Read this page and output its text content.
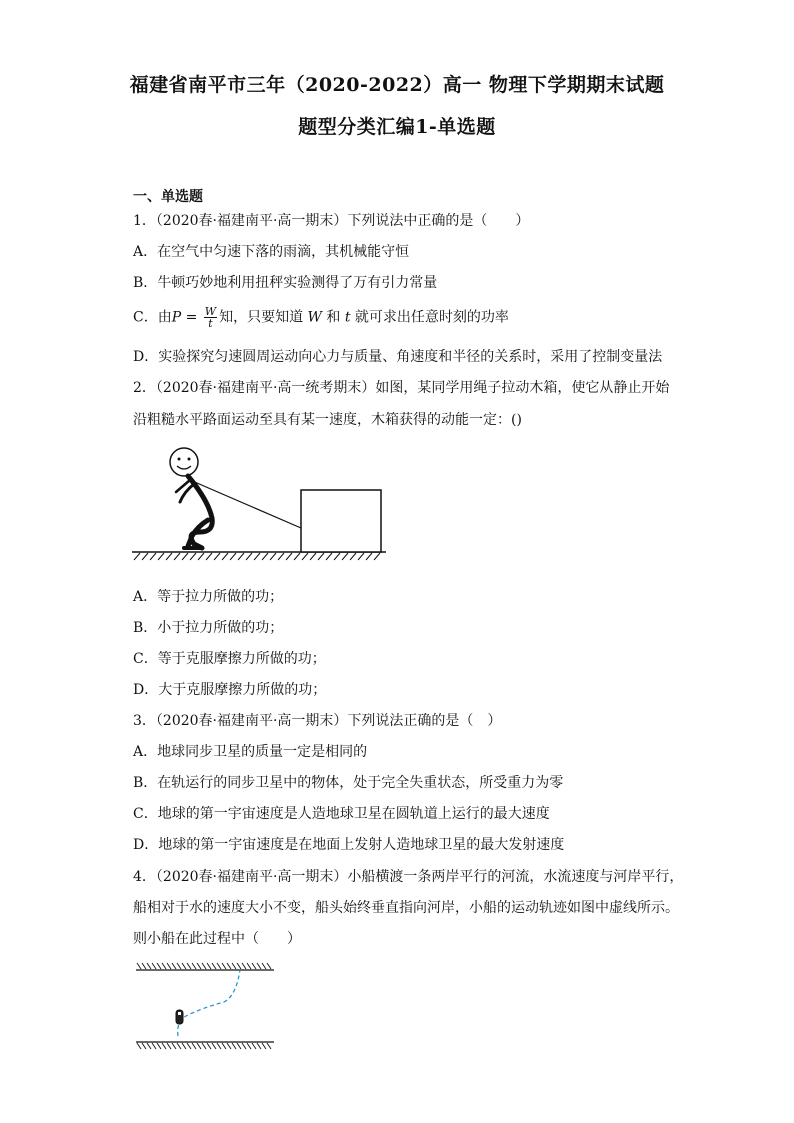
福建省南平市三年（2020-2022）高一 物理下学期期末试题
题型分类汇编1-单选题
一、单选题
1．（2020春·福建南平·高一期末）下列说法中正确的是（　　）
A．在空气中匀速下落的雨滴，其机械能守恒
B．牛顿巧妙地利用扭秤实验测得了万有引力常量
C．由$P = \frac{W}{t}$ 知，只要知道 W 和 t 就可求出任意时刻的功率
D．实验探究匀速圆周运动向心力与质量、角速度和半径的关系时，采用了控制变量法
2．（2020春·福建南平·高一统考期末）如图，某同学用绳子拉动木箱，使它从静止开始
沿粗糙水平路面运动至具有某一速度，木箱获得的动能一定：()
A．等于拉力所做的功；
B．小于拉力所做的功；
C．等于克服摩擦力所做的功；
D．大于克服摩擦力所做的功；
3．（2020春·福建南平·高一期末）下列说法正确的是（　）
A．地球同步卫星的质量一定是相同的
B．在轨运行的同步卫星中的物体，处于完全失重状态，所受重力为零
C．地球的第一宇宙速度是人造地球卫星在圆轨道上运行的最大速度
D．地球的第一宇宙速度是在地面上发射人造地球卫星的最大发射速度
4．（2020春·福建南平·高一期末）小船横渡一条两岸平行的河流，水流速度与河岸平行，
船相对于水的速度大小不变，船头始终垂直指向河岸，小船的运动轨迹如图中虚线所示。
则小船在此过程中（　　）
